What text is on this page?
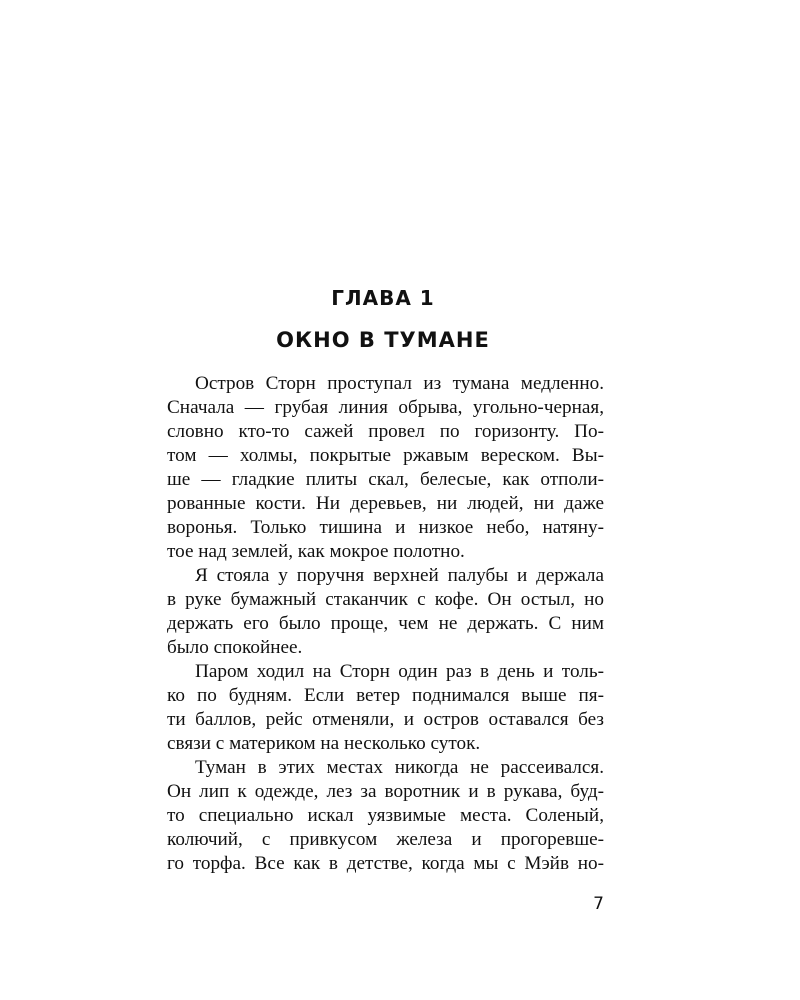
ГЛАВА 1
ОКНО В ТУМАНЕ
Остров Сторн проступал из тумана медленно.
Сначала — грубая линия обрыва, угольно-черная,
словно кто-то сажей провел по горизонту. По-
том — холмы, покрытые ржавым вереском. Вы-
ше — гладкие плиты скал, белесые, как отполи-
рованные кости. Ни деревьев, ни людей, ни даже
воронья. Только тишина и низкое небо, натяну-
тое над землей, как мокрое полотно.
Я стояла у поручня верхней палубы и держала
в руке бумажный стаканчик с кофе. Он остыл, но
держать его было проще, чем не держать. С ним
было спокойнее.
Паром ходил на Сторн один раз в день и толь-
ко по будням. Если ветер поднимался выше пя-
ти баллов, рейс отменяли, и остров оставался без
связи с материком на несколько суток.
Туман в этих местах никогда не рассеивался.
Он лип к одежде, лез за воротник и в рукава, буд-
то специально искал уязвимые места. Соленый,
колючий, с привкусом железа и прогоревше-
го торфа. Все как в детстве, когда мы с Мэйв но-
7
